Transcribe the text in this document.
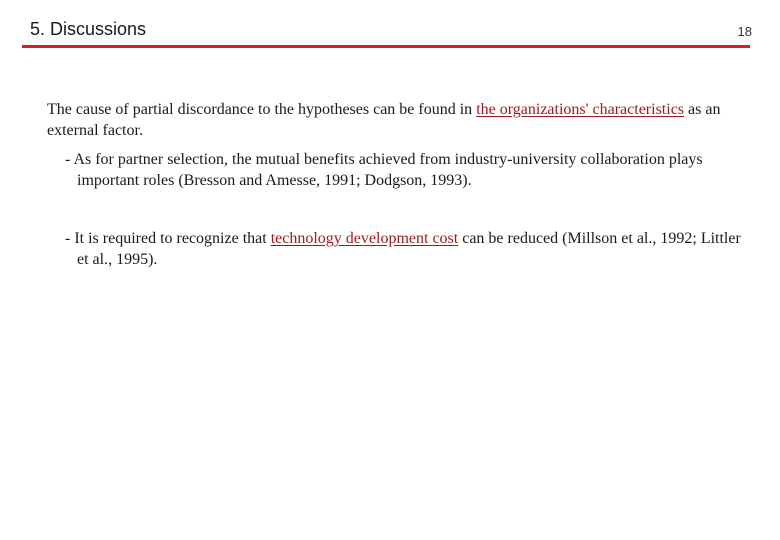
5. Discussions	18

The cause of partial discordance to the hypotheses can be found in the organizations' characteristics as an external factor.

- As for partner selection, the mutual benefits achieved from industry-university collaboration plays important roles (Bresson and Amesse, 1991; Dodgson, 1993).

- It is required to recognize that technology development cost can be reduced (Millson et al., 1992; Littler et al., 1995).
